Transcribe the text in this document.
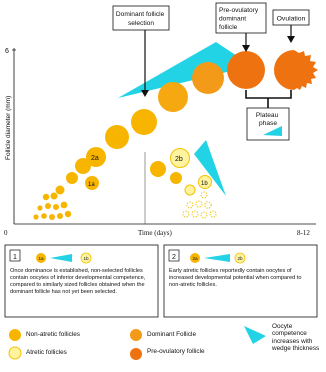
6
Follicle diameter (mm)
0	Time (days)	8-12
2a
1a
2b
1b
Dominant follicle selection
Pre-ovulatory dominant follicle
Ovulation
Plateau phase
1	1a	1b	2	2a	2b
Once dominance is established, non-selected follicles contain oocytes of inferior developmental competence, compared to similarly sized follicles obtained when the dominant follicle has not yet been selected.
Early atretic follicles reportedly contain oocytes of increased developmental potential when compared to non-atretic follicles.
Non-atretic follicles
Atretic follicles
Dominant Follicle
Pre-ovulatory follicle
Oocyte competence increases with wedge thickness
